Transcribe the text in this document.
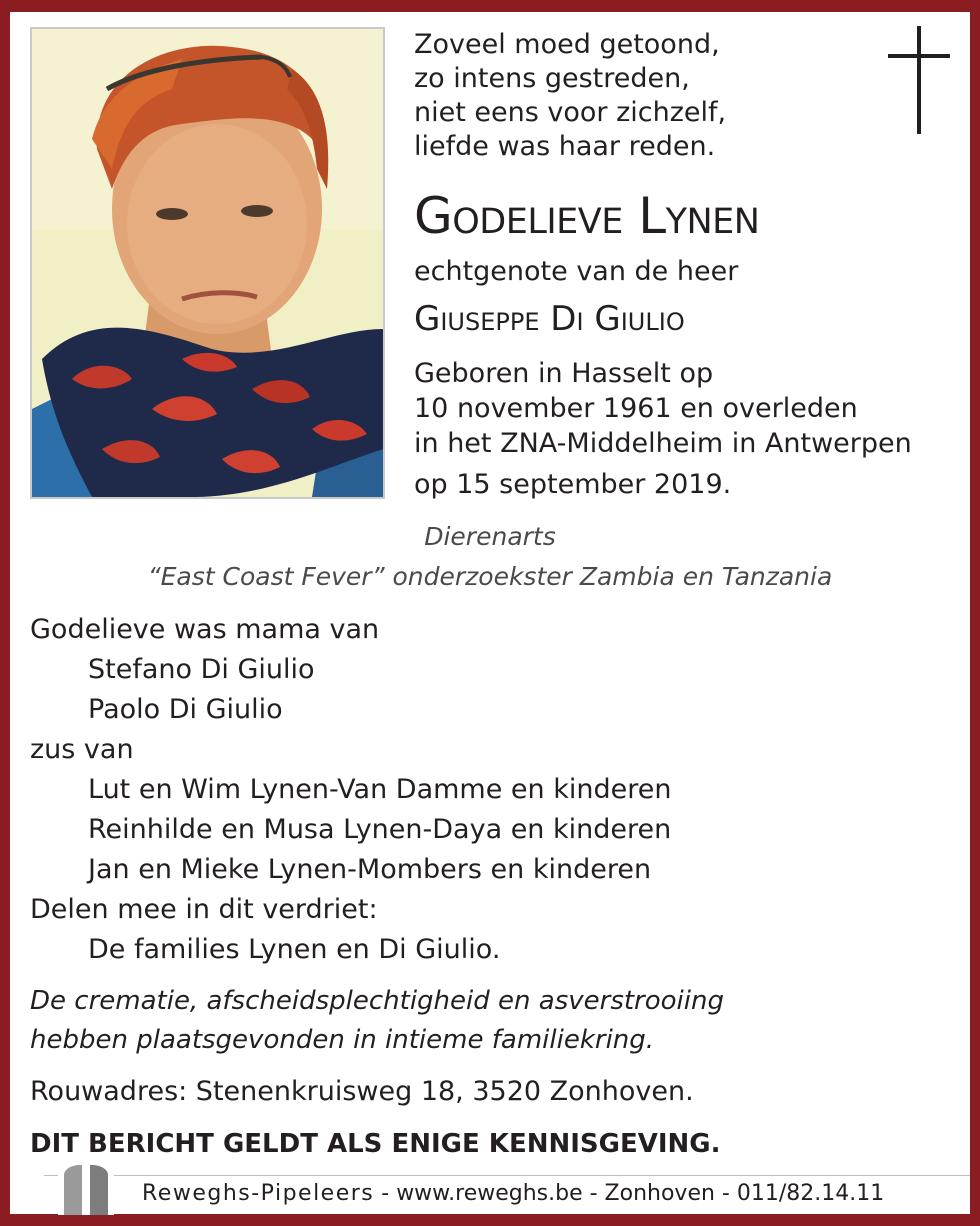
Zoveel moed getoond,
zo intens gestreden,
niet eens voor zichzelf,
liefde was haar reden.
Godelieve Lynen
echtgenote van de heer
Giuseppe Di Giulio
Geboren in Hasselt op
10 november 1961 en overleden
in het ZNA-Middelheim in Antwerpen
op 15 september 2019.
Dierenarts
“East Coast Fever” onderzoekster Zambia en Tanzania
Godelieve was mama van
Stefano Di Giulio
Paolo Di Giulio
zus van
Lut en Wim Lynen-Van Damme en kinderen
Reinhilde en Musa Lynen-Daya en kinderen
Jan en Mieke Lynen-Mombers en kinderen
Delen mee in dit verdriet:
De families Lynen en Di Giulio.
De crematie, afscheidsplechtigheid en asverstrooiing
hebben plaatsgevonden in intieme familiekring.
Rouwadres: Stenenkruisweg 18, 3520 Zonhoven.
DIT BERICHT GELDT ALS ENIGE KENNISGEVING.
Reweghs-Pipeleers - www.reweghs.be - Zonhoven - 011/82.14.11
